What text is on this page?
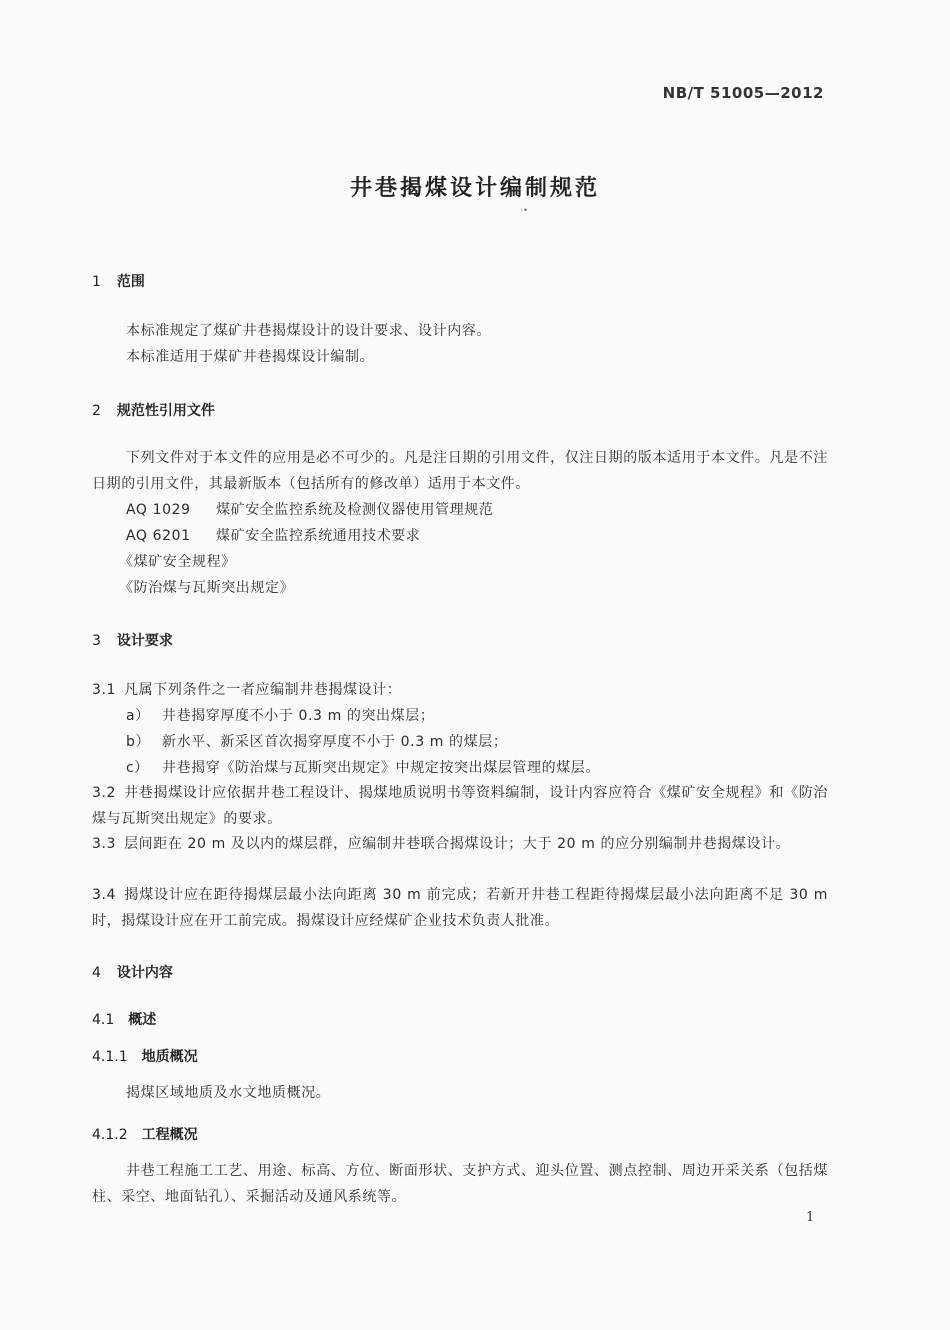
NB/T 51005—2012
井巷揭煤设计编制规范
·•
1 范围
本标准规定了煤矿井巷揭煤设计的设计要求、设计内容。
本标准适用于煤矿井巷揭煤设计编制。
2 规范性引用文件
下列文件对于本文件的应用是必不可少的。凡是注日期的引用文件，仅注日期的版本适用于本文件。凡是不注日期的引用文件，其最新版本（包括所有的修改单）适用于本文件。
AQ 1029 煤矿安全监控系统及检测仪器使用管理规范
AQ 6201 煤矿安全监控系统通用技术要求
《煤矿安全规程》
《防治煤与瓦斯突出规定》
3 设计要求
3.1 凡属下列条件之一者应编制井巷揭煤设计：
a） 井巷揭穿厚度不小于 0.3 m 的突出煤层；
b） 新水平、新采区首次揭穿厚度不小于 0.3 m 的煤层；
c） 井巷揭穿《防治煤与瓦斯突出规定》中规定按突出煤层管理的煤层。
3.2 井巷揭煤设计应依据井巷工程设计、揭煤地质说明书等资料编制，设计内容应符合《煤矿安全规程》和《防治煤与瓦斯突出规定》的要求。
3.3 层间距在 20 m 及以内的煤层群，应编制井巷联合揭煤设计；大于 20 m 的应分别编制井巷揭煤设计。
3.4 揭煤设计应在距待揭煤层最小法向距离 30 m 前完成；若新开井巷工程距待揭煤层最小法向距离不足 30 m 时，揭煤设计应在开工前完成。揭煤设计应经煤矿企业技术负责人批准。
4 设计内容
4.1 概述
4.1.1 地质概况
揭煤区域地质及水文地质概况。
4.1.2 工程概况
井巷工程施工工艺、用途、标高、方位、断面形状、支护方式、迎头位置、测点控制、周边开采关系（包括煤柱、采空、地面钻孔）、采掘活动及通风系统等。
1
